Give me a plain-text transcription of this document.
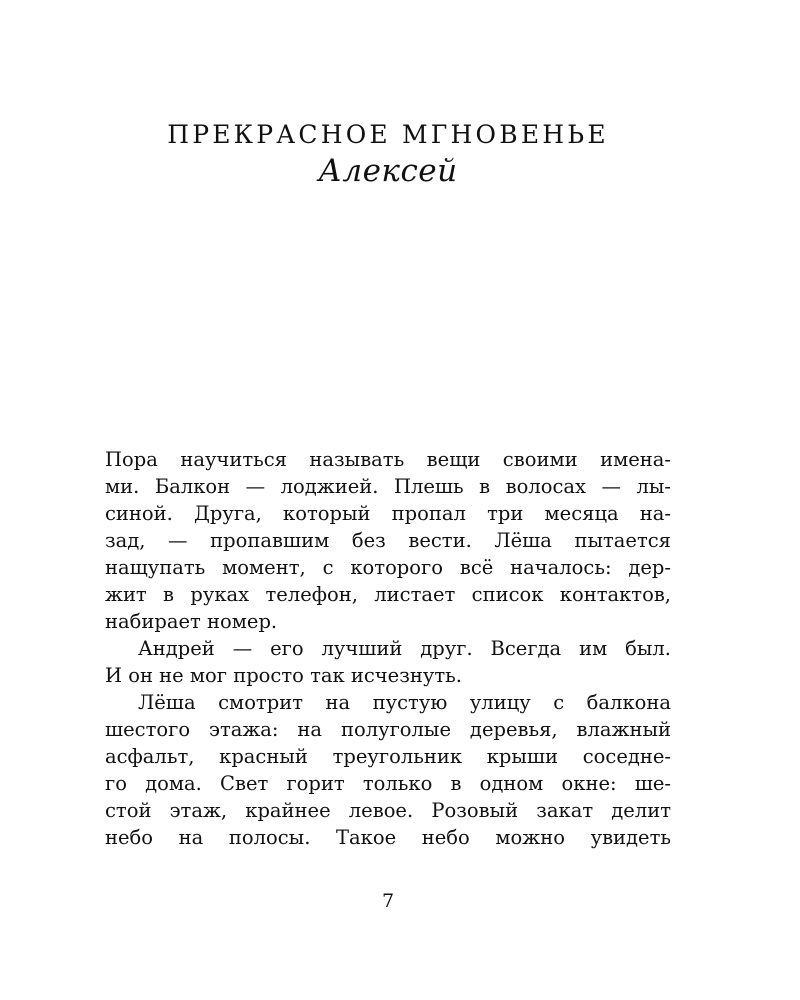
ПРЕКРАСНОЕ МГНОВЕНЬЕ
Алексей
Пора научиться называть вещи своими имена-
ми. Балкон — лоджией. Плешь в волосах — лы-
синой. Друга, который пропал три месяца на-
зад, — пропавшим без вести. Лёша пытается
нащупать момент, с которого всё началось: дер-
жит в руках телефон, листает список контактов,
набирает номер.
Андрей — его лучший друг. Всегда им был.
И он не мог просто так исчезнуть.
Лёша смотрит на пустую улицу с балкона
шестого этажа: на полуголые деревья, влажный
асфальт, красный треугольник крыши соседне-
го дома. Свет горит только в одном окне: ше-
стой этаж, крайнее левое. Розовый закат делит
небо на полосы. Такое небо можно увидеть
7
